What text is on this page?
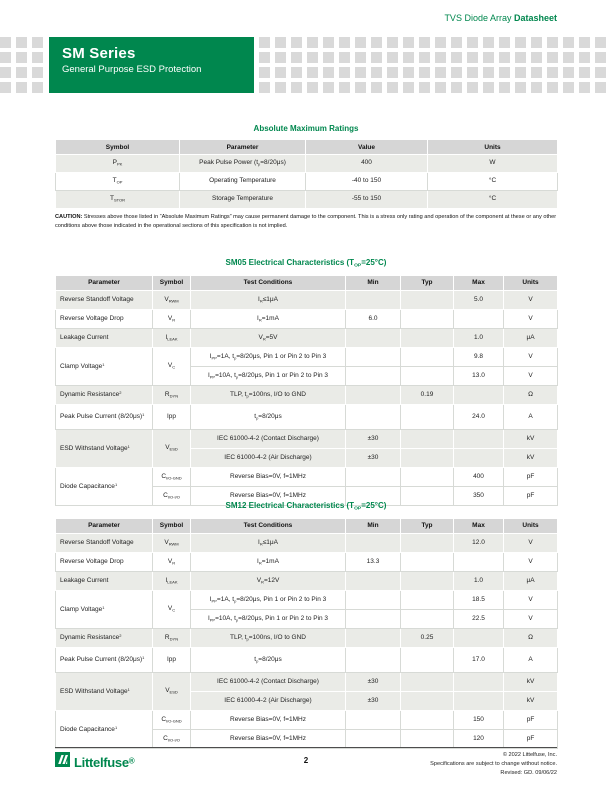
TVS Diode Array Datasheet
SM Series
General Purpose ESD Protection
Absolute Maximum Ratings
Symbol	Parameter	Value	Units
$P_{PK}$	Peak Pulse Power $(t_p=8/20\mu s)$	400	W
$T_{OP}$	Operating Temperature	-40 to 150	°C
$T_{STOR}$	Storage Temperature	-55 to 150	°C

CAUTION: Stresses above those listed in “Absolute Maximum Ratings” may cause permanent damage to the component. This is a stress only rating and operation of the component at these or any other conditions above those indicated in the operational sections of this specification is not implied.

SM05 Electrical Characteristics $(T_{OP}=25^\circ C)$
Parameter	Symbol	Test Conditions	Min	Typ	Max	Units
Reverse Standoff Voltage	$V_{RWM}$	$I_R\le 1\mu A$			5.0	V
Reverse Voltage Drop	$V_R$	$I_R=1mA$	6.0			V
Leakage Current	$I_{LEAK}$	$V_R=5V$			1.0	μA
Clamp Voltage$^1$	$V_C$	$I_{PP}=1A$, $t_p=8/20\mu s$, Pin 1 or Pin 2 to Pin 3			9.8	V
		$I_{PP}=10A$, $t_p=8/20\mu s$, Pin 1 or Pin 2 to Pin 3			13.0	V
Dynamic Resistance$^2$	$R_{DYN}$	TLP, $t_p=100ns$, I/O to GND		0.19		Ω
Peak Pulse Current $(8/20\mu s)^1$	Ipp	$t_p=8/20\mu s$			24.0	A
ESD Withstand Voltage$^1$	$V_{ESD}$	IEC 61000-4-2 (Contact Discharge)	±30			kV
		IEC 61000-4-2 (Air Discharge)	±30			kV
Diode Capacitance$^1$	$C_{I/O-GND}$	Reverse Bias=0V, f=1MHz			400	pF
	$C_{I/O-I/O}$	Reverse Bias=0V, f=1MHz			350	pF
SM12 Electrical Characteristics $(T_{OP}=25^\circ C)$
Parameter	Symbol	Test Conditions	Min	Typ	Max	Units
Reverse Standoff Voltage	$V_{RWM}$	$I_R\le 1\mu A$			12.0	V
Reverse Voltage Drop	$V_R$	$I_R=1mA$	13.3			V
Leakage Current	$I_{LEAK}$	$V_R=12V$			1.0	μA
Clamp Voltage$^1$	$V_C$	$I_{PP}=1A$, $t_p=8/20\mu s$, Pin 1 or Pin 2 to Pin 3			18.5	V
		$I_{PP}=10A$, $t_p=8/20\mu s$, Pin 1 or Pin 2 to Pin 3			22.5	V
Dynamic Resistance$^2$	$R_{DYN}$	TLP, $t_p=100ns$, I/O to GND		0.25		Ω
Peak Pulse Current $(8/20\mu s)^1$	Ipp	$t_p=8/20\mu s$			17.0	A
ESD Withstand Voltage$^1$	$V_{ESD}$	IEC 61000-4-2 (Contact Discharge)	±30			kV
		IEC 61000-4-2 (Air Discharge)	±30			kV
Diode Capacitance$^1$	$C_{I/O-GND}$	Reverse Bias=0V, f=1MHz			150	pF
	$C_{I/O-I/O}$	Reverse Bias=0V, f=1MHz			120	pF
Littelfuse®	2
© 2022 Littelfuse, Inc.
Specifications are subject to change without notice.
Revised: GD. 09/06/22
